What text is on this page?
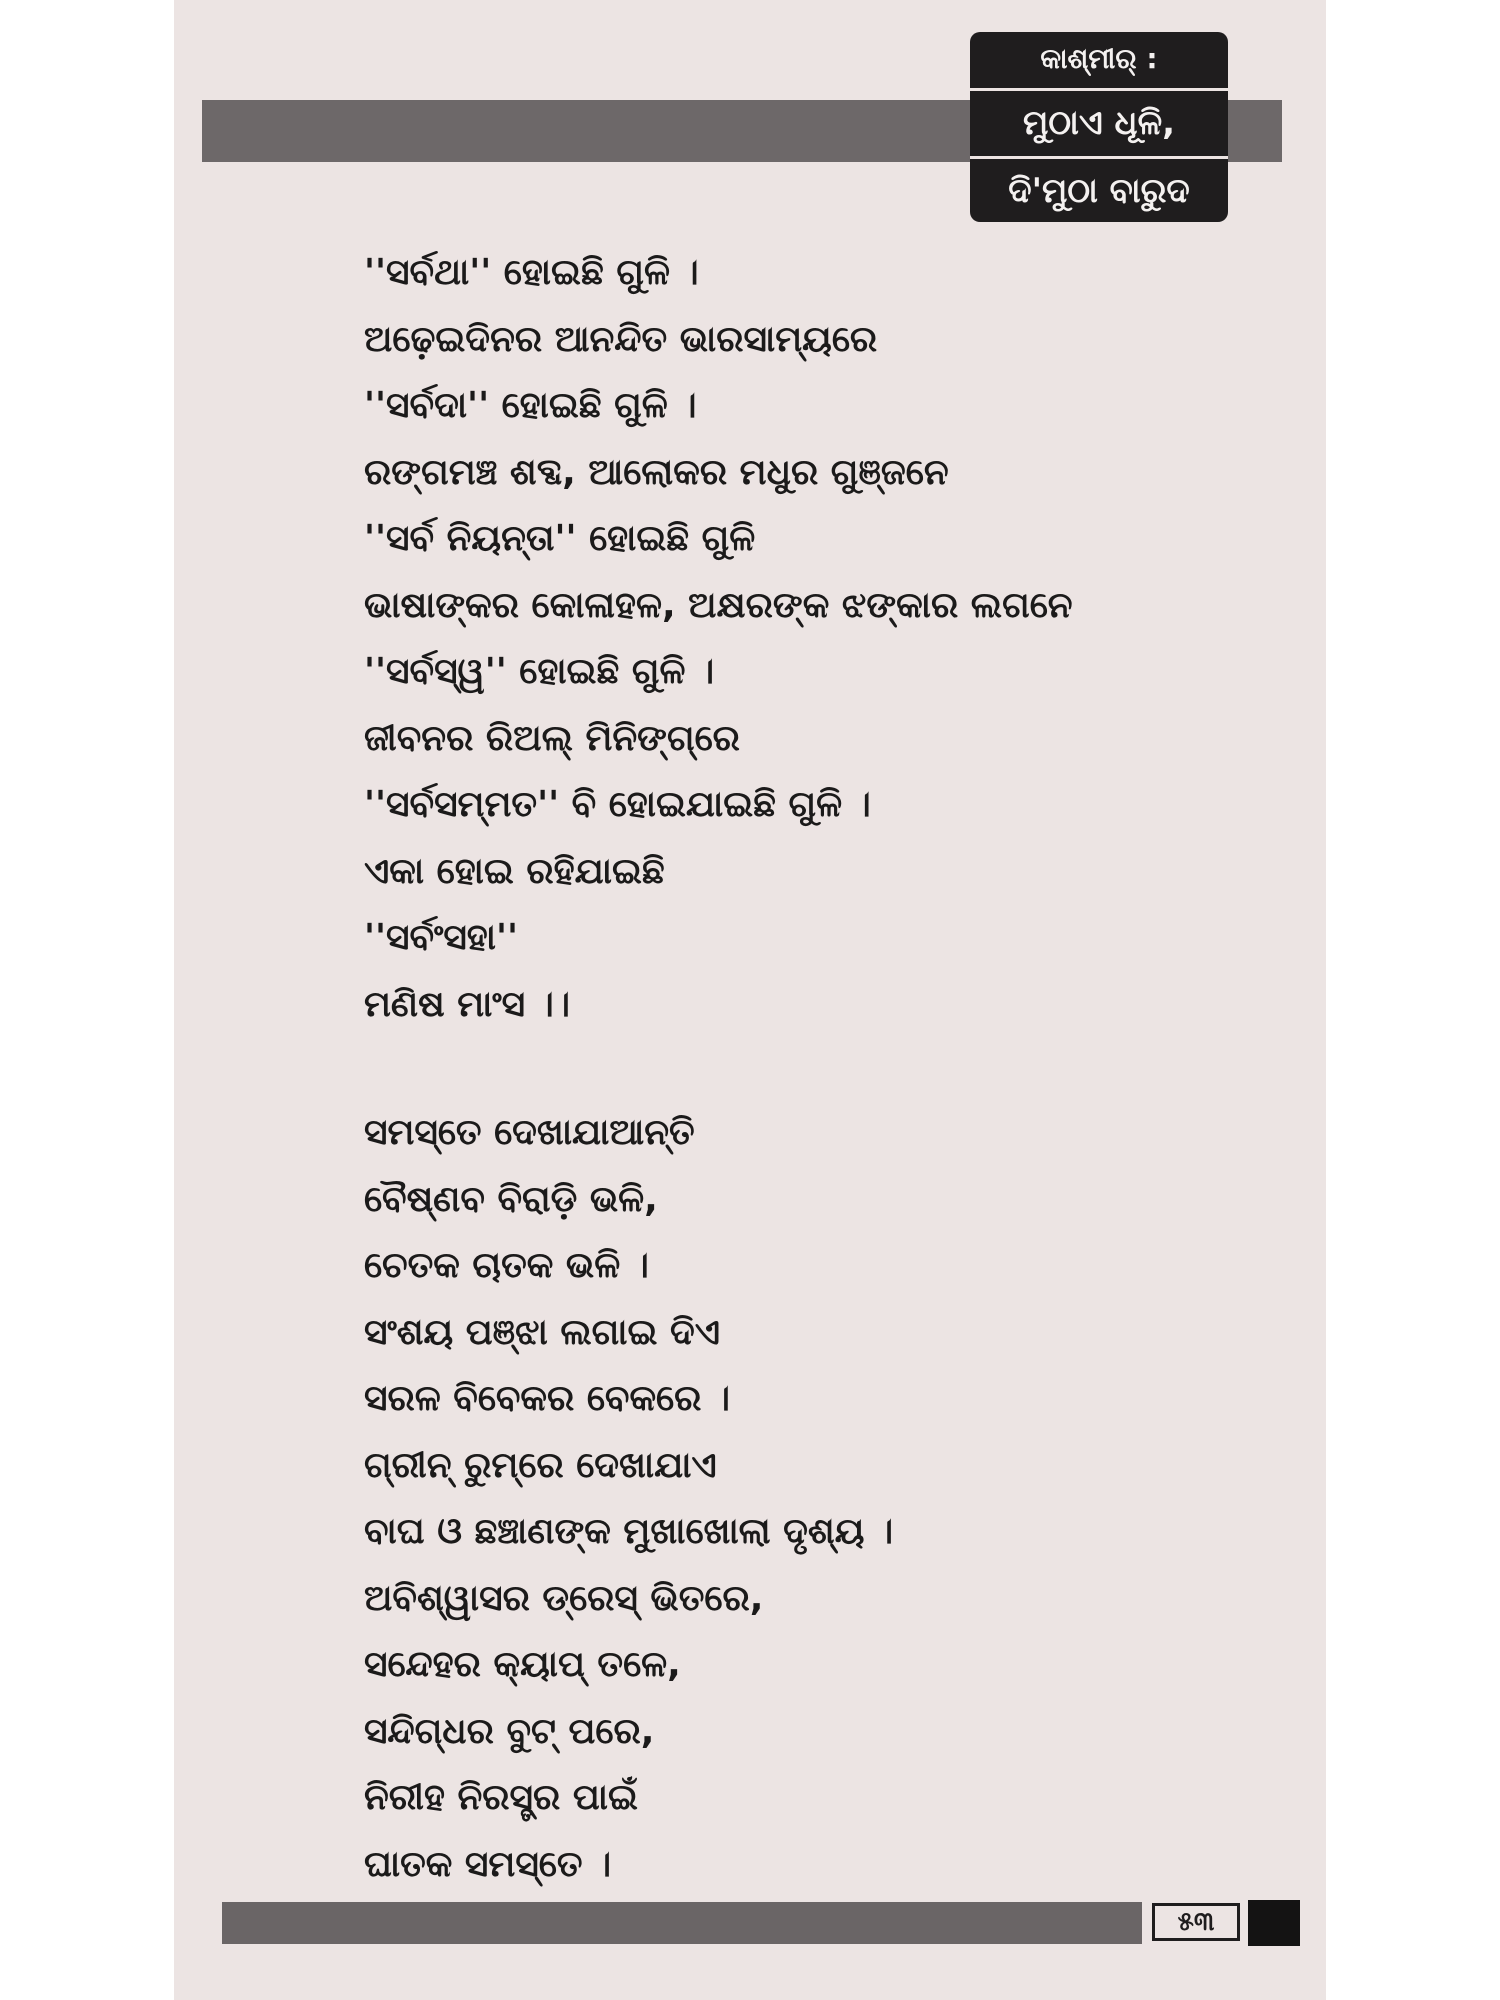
କାଶ୍ମୀର୍ :
ମୁଠାଏ ଧୂଳି,
ଦି'ମୁଠା ବାରୁଦ
''ସର୍ବଥା'' ହୋଇଛି ଗୁଳି ।
ଅଢ଼େଇଦିନର ଆନନ୍ଦିତ ଭାରସାମ୍ୟରେ
''ସର୍ବଦା'' ହୋଇଛି ଗୁଳି ।
ରଙ୍ଗମଞ୍ଚ ଶବ୍ଦ, ଆଲୋକର ମଧୁର ଗୁଞ୍ଜନେ
''ସର୍ବ ନିୟନ୍ତା'' ହୋଇଛି ଗୁଳି
ଭାଷାଙ୍କର କୋଳାହଳ, ଅକ୍ଷରଙ୍କ ଝଙ୍କାର ଲଗନେ
''ସର୍ବସ୍ୱ'' ହୋଇଛି ଗୁଳି ।
ଜୀବନର ରିଅଲ୍ ମିନିଙ୍ଗ୍‌ରେ
''ସର୍ବସମ୍ମତ'' ବି ହୋଇଯାଇଛି ଗୁଳି ।
ଏକା ହୋଇ ରହିଯାଇଛି
''ସର୍ବଂସହା''
ମଣିଷ ମାଂସ ।।
ସମସ୍ତେ ଦେଖାଯାଆନ୍ତି
ବୈଷ୍ଣବ ବିରାଡ଼ି ଭଳି,
ଚେତକ ଚାତକ ଭଳି ।
ସଂଶୟ ପଞ୍ଝା ଲଗାଇ ଦିଏ
ସରଳ ବିବେକର ବେକରେ ।
ଗ୍ରୀନ୍ ରୁମ୍‌ରେ ଦେଖାଯାଏ
ବାଘ ଓ ଛଞ୍ଚାଣଙ୍କ ମୁଖାଖୋଲା ଦୃଶ୍ୟ ।
ଅବିଶ୍ୱାସର ଡ୍ରେସ୍ ଭିତରେ,
ସନ୍ଦେହର କ୍ୟାପ୍ ତଳେ,
ସନ୍ଦିଗ୍ଧର ବୁଟ୍ ପରେ,
ନିରୀହ ନିରସ୍ତ୍ର ପାଇଁ
ଘାତକ ସମସ୍ତେ ।
୫୩
